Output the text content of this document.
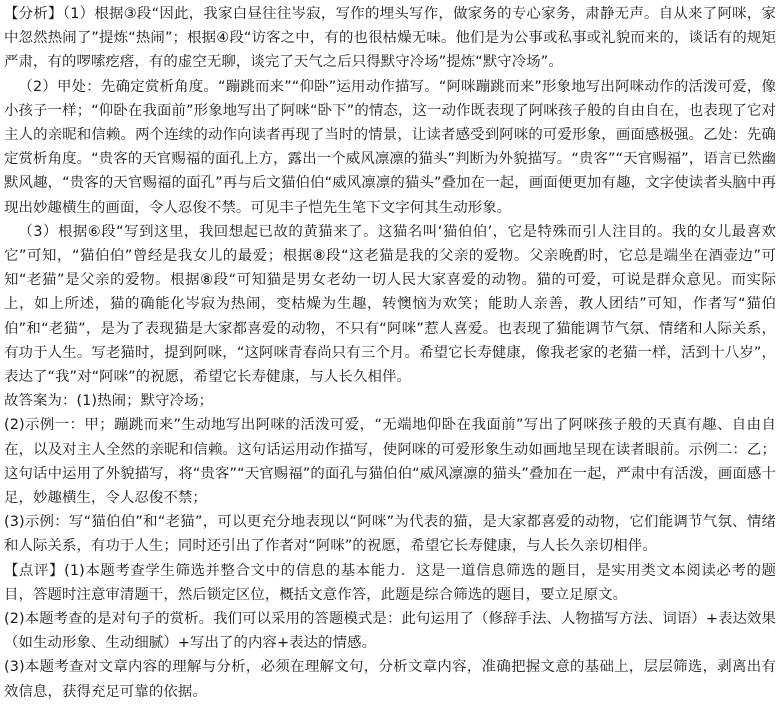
【分析】（1）根据③段“因此，我家白昼往往岑寂，写作的埋头写作，做家务的专心家务，肃静无声。自从来了阿咪，家中忽然热闹了”提炼“热闹”；根据④段“访客之中，有的也很枯燥无味。他们是为公事或私事或礼貌而来的，谈话有的规矩严肃，有的啰嗦疙瘩，有的虚空无聊，谈完了天气之后只得默守冷场”提炼“默守冷场”。

（2）甲处：先确定赏析角度。“蹦跳而来”“仰卧”运用动作描写。“阿咪蹦跳而来”形象地写出阿咪动作的活泼可爱，像小孩子一样；“仰卧在我面前”形象地写出了阿咪“卧下”的情态，这一动作既表现了阿咪孩子般的自由自在，也表现了它对主人的亲昵和信赖。两个连续的动作向读者再现了当时的情景，让读者感受到阿咪的可爱形象，画面感极强。乙处：先确定赏析角度。“贵客的天官赐福的面孔上方，露出一个威风凛凛的猫头”判断为外貌描写。“贵客”“天官赐福”，语言已然幽默风趣，“贵客的天官赐福的面孔”再与后文猫伯伯“威风凛凛的猫头”叠加在一起，画面便更加有趣，文字使读者头脑中再现出妙趣横生的画面，令人忍俊不禁。可见丰子恺先生笔下文字何其生动形象。

（3）根据⑥段“写到这里，我回想起已故的黄猫来了。这猫名叫‘猫伯伯’，它是特殊而引人注目的。我的女儿最喜欢它”可知，“猫伯伯”曾经是我女儿的最爱；根据⑧段“这老猫是我的父亲的爱物。父亲晚酌时，它总是端坐在酒壶边”可知“老猫”是父亲的爱物。根据⑧段“可知猫是男女老幼一切人民大家喜爱的动物。猫的可爱，可说是群众意见。而实际上，如上所述，猫的确能化岑寂为热闹，变枯燥为生趣，转懊恼为欢笑；能助人亲善，教人团结”可知，作者写“猫伯伯”和“老猫”，是为了表现猫是大家都喜爱的动物，不只有“阿咪”惹人喜爱。也表现了猫能调节气氛、情绪和人际关系，有功于人生。写老猫时，提到阿咪，“这阿咪青春尚只有三个月。希望它长寿健康，像我老家的老猫一样，活到十八岁”，表达了“我”对“阿咪”的祝愿，希望它长寿健康，与人长久相伴。

故答案为：(1)热闹；默守冷场；

(2)示例一：甲；蹦跳而来”生动地写出阿咪的活泼可爱，“无端地仰卧在我面前”写出了阿咪孩子般的天真有趣、自由自在，以及对主人全然的亲昵和信赖。这句话运用动作描写，使阿咪的可爱形象生动如画地呈现在读者眼前。示例二：乙；这句话中运用了外貌描写，将“贵客”“天官赐福”的面孔与猫伯伯“威风凛凛的猫头”叠加在一起，严肃中有活泼，画面感十足，妙趣横生，令人忍俊不禁；

(3)示例：写“猫伯伯”和“老猫”，可以更充分地表现以“阿咪”为代表的猫，是大家都喜爱的动物，它们能调节气氛、情绪和人际关系，有功于人生；同时还引出了作者对“阿咪”的祝愿，希望它长寿健康，与人长久亲切相伴。

【点评】(1)本题考查学生筛选并整合文中的信息的基本能力．这是一道信息筛选的题目，是实用类文本阅读必考的题目，答题时注意审清题干，然后锁定区位，概括文意作答，此题是综合筛选的题目，要立足原文。

(2)本题考查的是对句子的赏析。我们可以采用的答题模式是：此句运用了（修辞手法、人物描写方法、词语）+表达效果（如生动形象、生动细腻）+写出了的内容+表达的情感。

(3)本题考查对文章内容的理解与分析，必须在理解文句，分析文章内容，准确把握文意的基础上，层层筛选，剥离出有效信息，获得充足可靠的依据。
